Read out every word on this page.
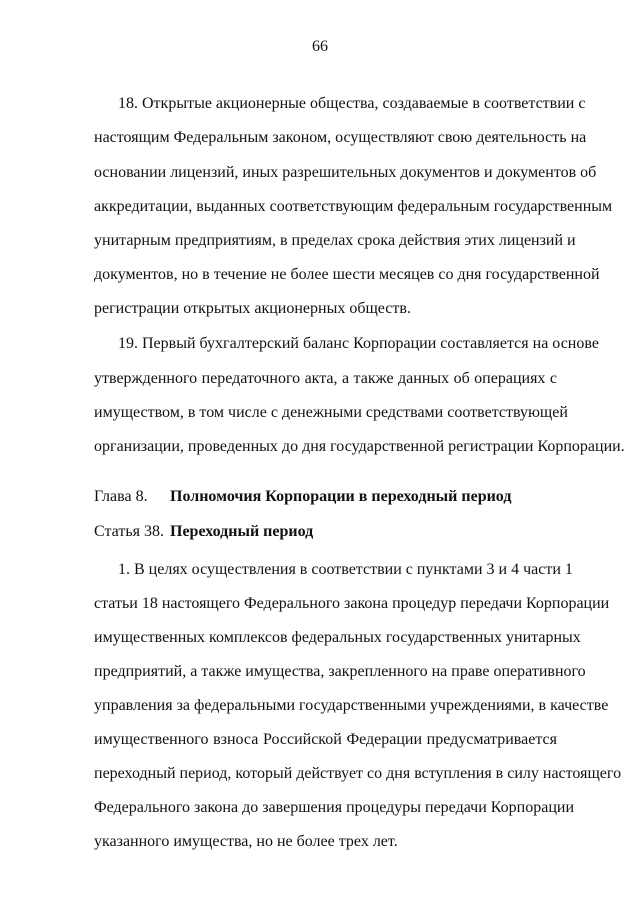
66
18. Открытые акционерные общества, создаваемые в соответствии с
настоящим Федеральным законом, осуществляют свою деятельность на
основании лицензий, иных разрешительных документов и документов об
аккредитации, выданных соответствующим федеральным государственным
унитарным предприятиям, в пределах срока действия этих лицензий и
документов, но в течение не более шести месяцев со дня государственной
регистрации открытых акционерных обществ.
19. Первый бухгалтерский баланс Корпорации составляется на основе
утвержденного передаточного акта, а также данных об операциях с
имуществом, в том числе с денежными средствами соответствующей
организации, проведенных до дня государственной регистрации Корпорации.
Глава 8. Полномочия Корпорации в переходный период
Статья 38. Переходный период
1. В целях осуществления в соответствии с пунктами 3 и 4 части 1
статьи 18 настоящего Федерального закона процедур передачи Корпорации
имущественных комплексов федеральных государственных унитарных
предприятий, а также имущества, закрепленного на праве оперативного
управления за федеральными государственными учреждениями, в качестве
имущественного взноса Российской Федерации предусматривается
переходный период, который действует со дня вступления в силу настоящего
Федерального закона до завершения процедуры передачи Корпорации
указанного имущества, но не более трех лет.
